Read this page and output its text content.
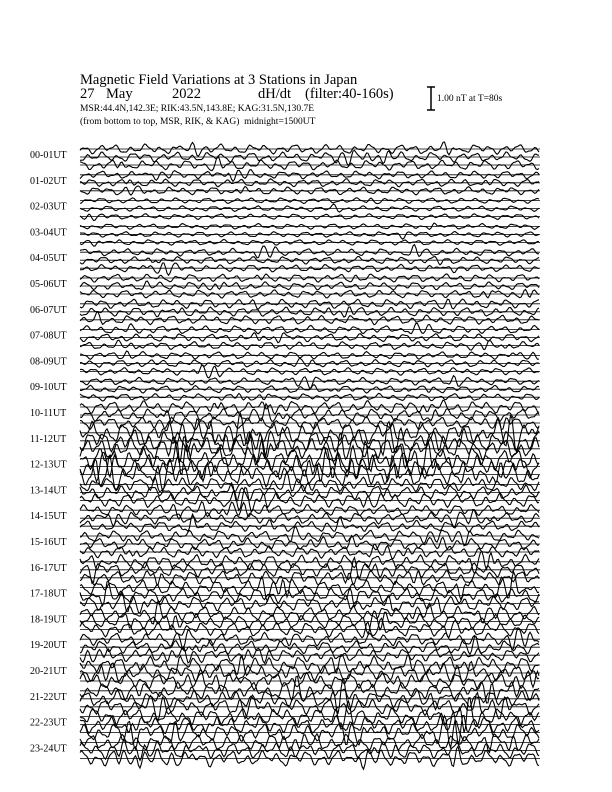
Magnetic Field Variations at 3 Stations in Japan
27 May	2022	dH/dt (filter:40-160s)
MSR:44.4N,142.3E; RIK:43.5N,143.8E; KAG:31.5N,130.7E
(from bottom to top, MSR, RIK, & KAG) midnight=1500UT
1.00 nT at T=80s
00-01UT
01-02UT
02-03UT
03-04UT
04-05UT
05-06UT
06-07UT
07-08UT
08-09UT
09-10UT
10-11UT
11-12UT
12-13UT
13-14UT
14-15UT
15-16UT
16-17UT
17-18UT
18-19UT
19-20UT
20-21UT
21-22UT
22-23UT
23-24UT
